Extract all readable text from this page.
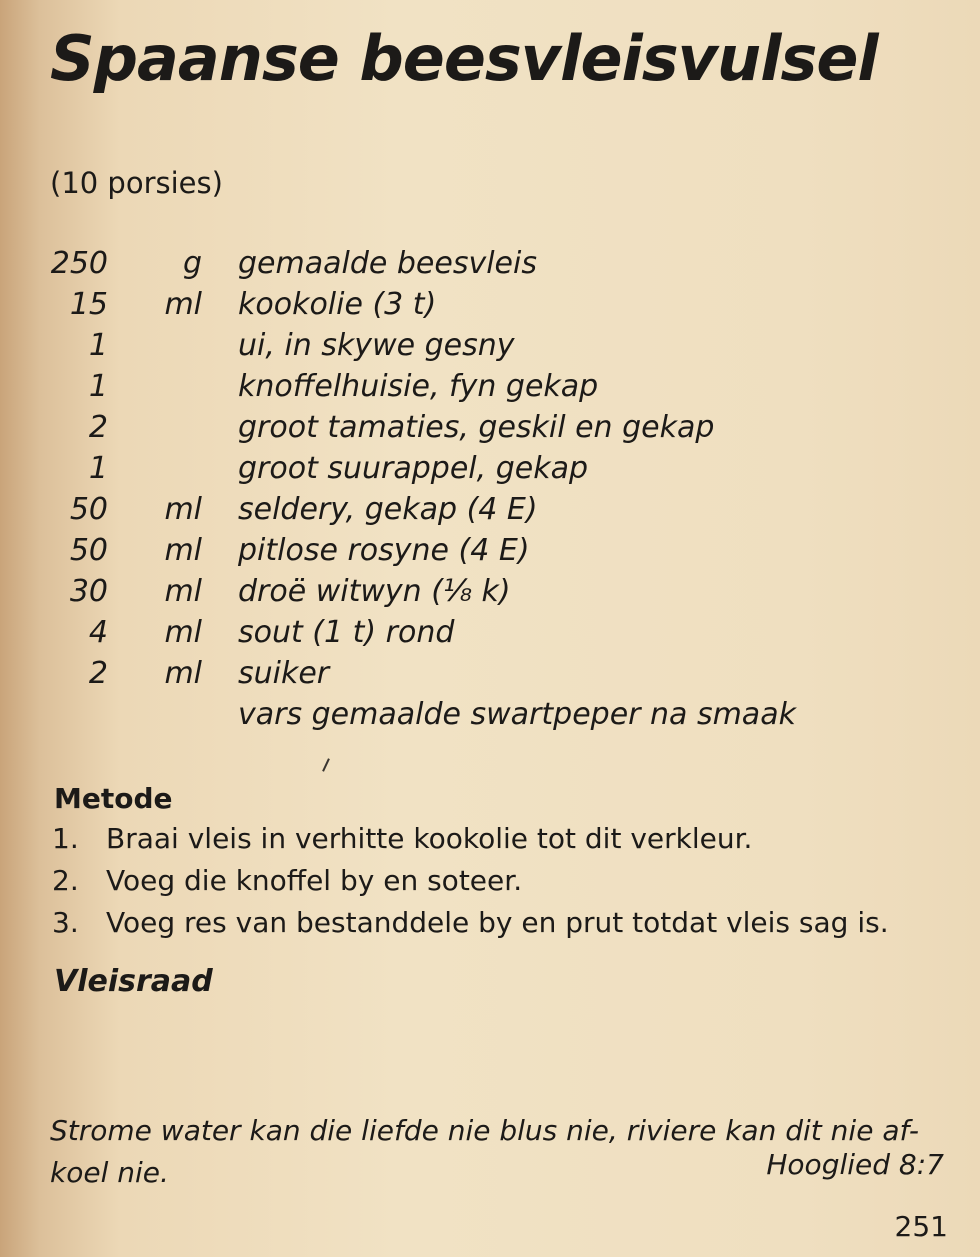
Spaanse beesvleisvulsel

(10 porsies)

250 g gemaalde beesvleis
15 ml kookolie (3 t)
1	ui, in skywe gesny
1	knoffelhuisie, fyn gekap
2	groot tamaties, geskil en gekap
1	groot suurappel, gekap
50 ml seldery, gekap (4 E)
50 ml pitlose rosyne (4 E)
30 ml droë witwyn (⅛ k)
4 ml sout (1 t) rond
2 ml suiker
vars gemaalde swartpeper na smaak
Metode
1. Braai vleis in verhitte kookolie tot dit verkleur.
2. Voeg die knoffel by en soteer.
3. Voeg res van bestanddele by en prut totdat vleis sag is.

Vleisraad

Strome water kan die liefde nie blus nie, riviere kan dit nie af-koel nie.	Hooglied 8:7

251
